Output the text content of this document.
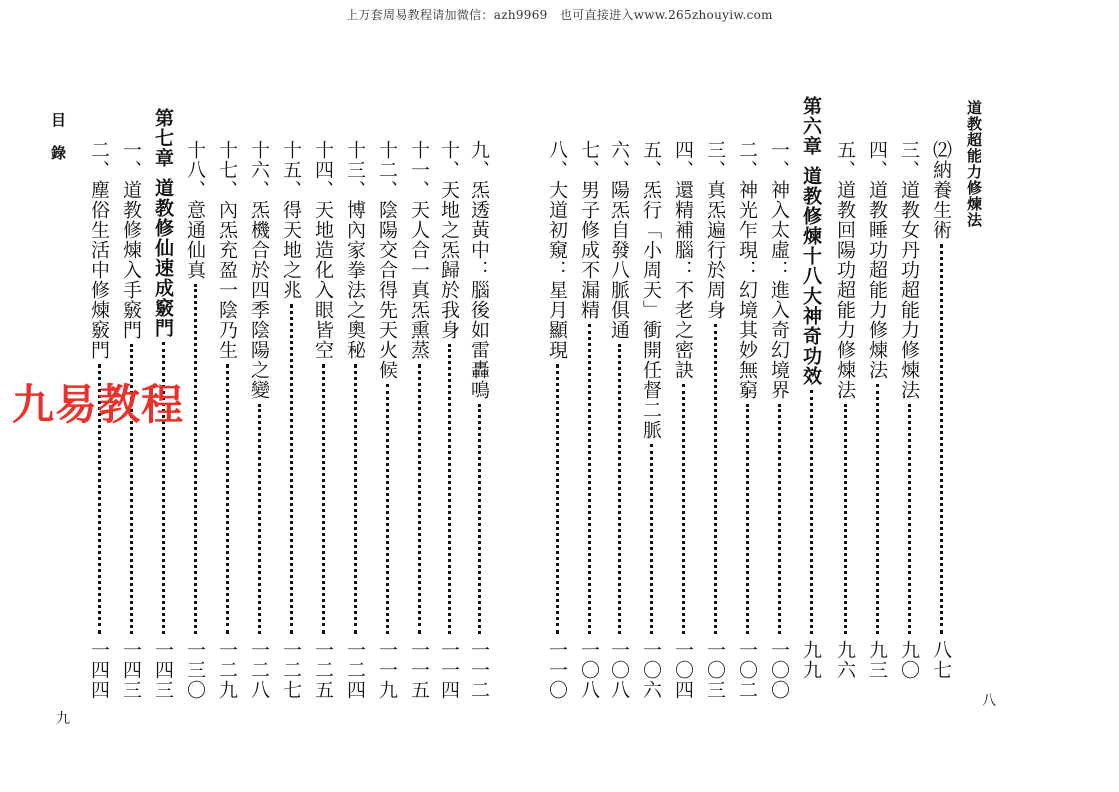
上万套周易教程请加微信：azh9969　也可直接进入www.265zhouyiw.com
道教超能力修煉法
八
⑵納養生術
八七
三、道教女丹功超能力修煉法
九〇
四、道教睡功超能力修煉法
九三
五、道教回陽功超能力修煉法
九六
第六章
道教修煉十八大神奇功效
九九
一、神入太虛：進入奇幻境界
一〇〇
二、神光乍現：幻境其妙無窮
一〇二
三、真炁遍行於周身
一〇三
四、還精補腦：不老之密訣
一〇四
五、炁行「小周天」衝開任督二脈
一〇六
六、陽炁自發八脈俱通
一〇八
七、男子修成不漏精
一〇八
八、大道初窺：星月顯現
一一〇
目錄
九
九、炁透黃中：腦後如雷轟鳴
一一二
十、天地之炁歸於我身
一一四
十一、天人合一真炁熏蒸
一一五
十二、陰陽交合得先天火候
一一九
十三、博內家拳法之奧秘
一二四
十四、天地造化入眼皆空
一二五
十五、得天地之兆
一二七
十六、炁機合於四季陰陽之變
一二八
十七、內炁充盈一陰乃生
一二九
十八、意通仙真
一三〇
第七章
道教修仙速成竅門
一四三
一、道教修煉入手竅門
一四三
二、塵俗生活中修煉竅門
一四四
九易教程
